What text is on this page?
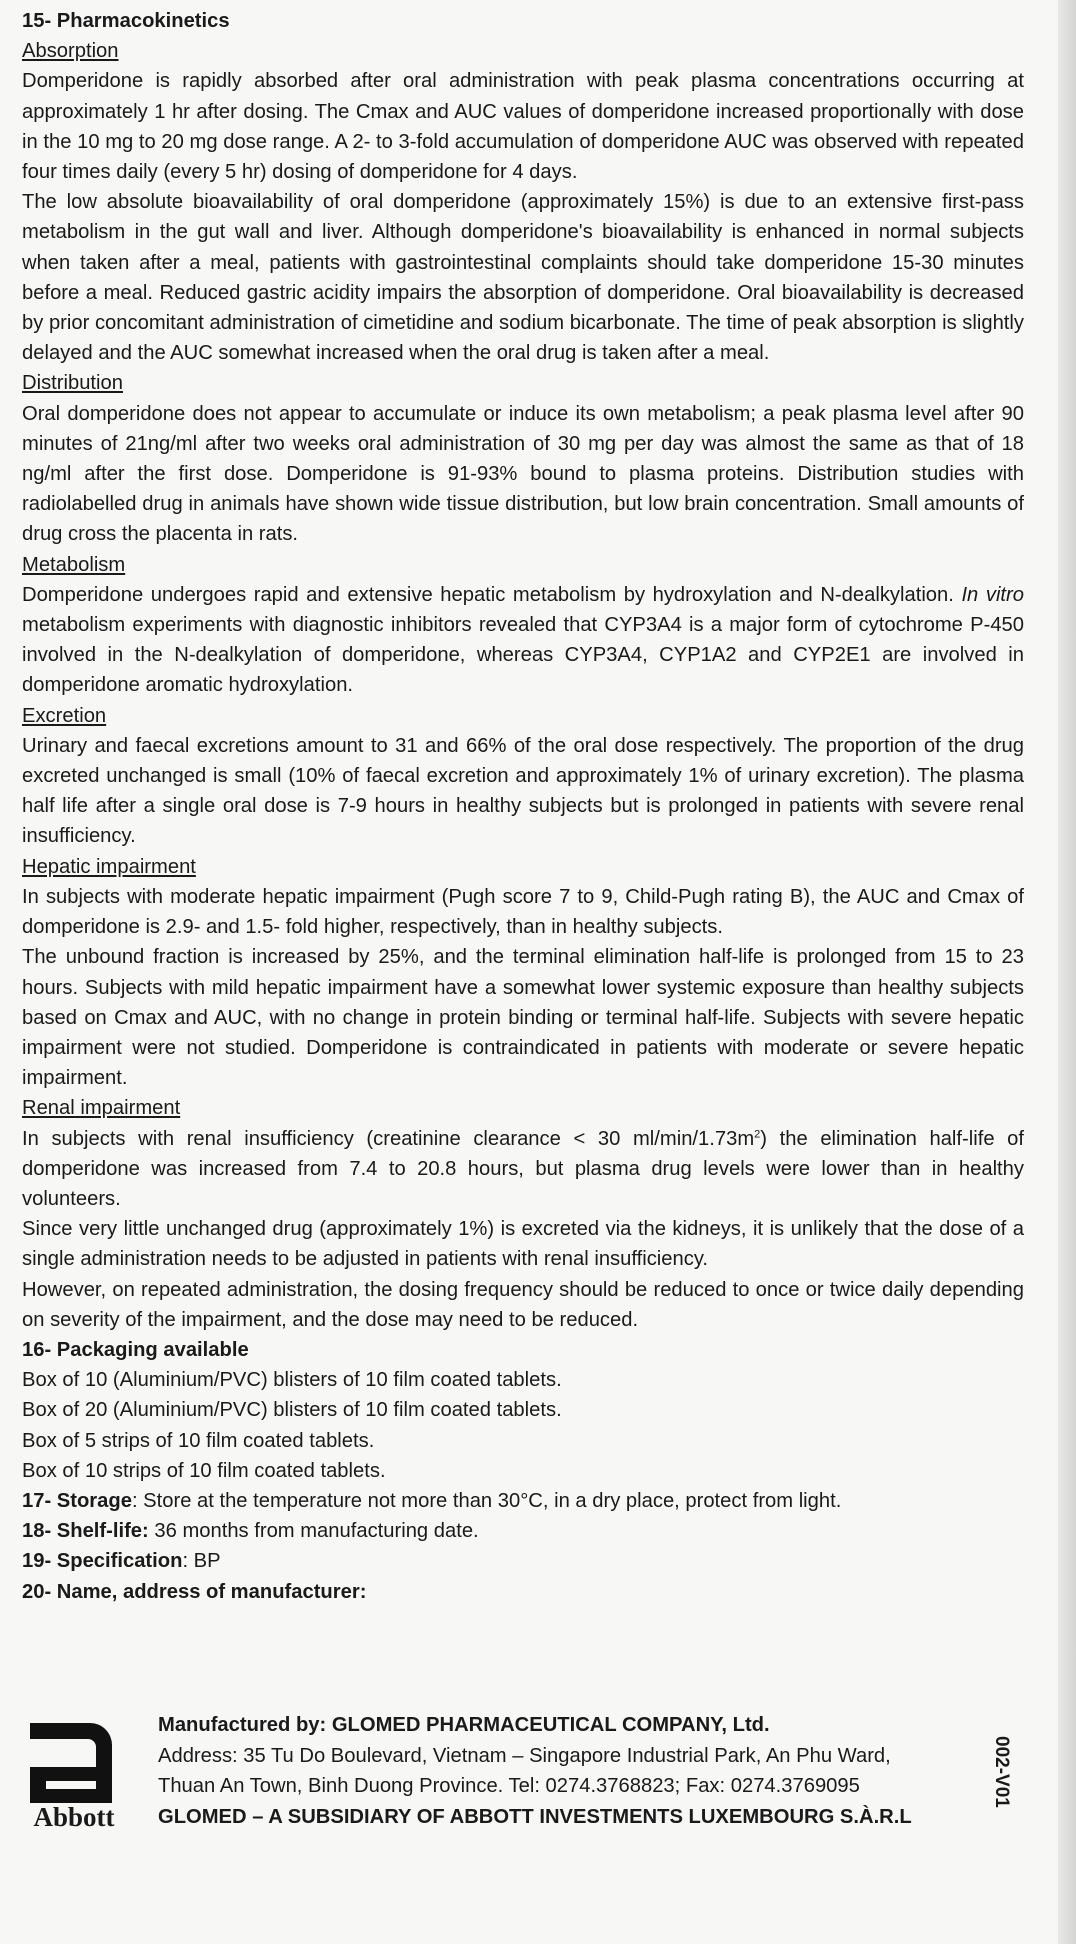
15- Pharmacokinetics

Absorption

Domperidone is rapidly absorbed after oral administration with peak plasma concentrations occurring at approximately 1 hr after dosing. The Cmax and AUC values of domperidone increased proportionally with dose in the 10 mg to 20 mg dose range. A 2- to 3-fold accumulation of domperidone AUC was observed with repeated four times daily (every 5 hr) dosing of domperidone for 4 days.

The low absolute bioavailability of oral domperidone (approximately 15%) is due to an extensive first-pass metabolism in the gut wall and liver. Although domperidone's bioavailability is enhanced in normal subjects when taken after a meal, patients with gastrointestinal complaints should take domperidone 15-30 minutes before a meal. Reduced gastric acidity impairs the absorption of domperidone. Oral bioavailability is decreased by prior concomitant administration of cimetidine and sodium bicarbonate. The time of peak absorption is slightly delayed and the AUC somewhat increased when the oral drug is taken after a meal.

Distribution

Oral domperidone does not appear to accumulate or induce its own metabolism; a peak plasma level after 90 minutes of 21ng/ml after two weeks oral administration of 30 mg per day was almost the same as that of 18 ng/ml after the first dose. Domperidone is 91-93% bound to plasma proteins. Distribution studies with radiolabelled drug in animals have shown wide tissue distribution, but low brain concentration. Small amounts of drug cross the placenta in rats.

Metabolism

Domperidone undergoes rapid and extensive hepatic metabolism by hydroxylation and N-dealkylation. In vitro metabolism experiments with diagnostic inhibitors revealed that CYP3A4 is a major form of cytochrome P-450 involved in the N-dealkylation of domperidone, whereas CYP3A4, CYP1A2 and CYP2E1 are involved in domperidone aromatic hydroxylation.

Excretion

Urinary and faecal excretions amount to 31 and 66% of the oral dose respectively. The proportion of the drug excreted unchanged is small (10% of faecal excretion and approximately 1% of urinary excretion). The plasma half life after a single oral dose is 7-9 hours in healthy subjects but is prolonged in patients with severe renal insufficiency.

Hepatic impairment

In subjects with moderate hepatic impairment (Pugh score 7 to 9, Child-Pugh rating B), the AUC and Cmax of domperidone is 2.9- and 1.5- fold higher, respectively, than in healthy subjects.

The unbound fraction is increased by 25%, and the terminal elimination half-life is prolonged from 15 to 23 hours. Subjects with mild hepatic impairment have a somewhat lower systemic exposure than healthy subjects based on Cmax and AUC, with no change in protein binding or terminal half-life. Subjects with severe hepatic impairment were not studied. Domperidone is contraindicated in patients with moderate or severe hepatic impairment.

Renal impairment

In subjects with renal insufficiency (creatinine clearance < 30 $ml/\min/1.73m^2$) the elimination half-life of domperidone was increased from 7.4 to 20.8 hours, but plasma drug levels were lower than in healthy volunteers.

Since very little unchanged drug (approximately 1%) is excreted via the kidneys, it is unlikely that the dose of a single administration needs to be adjusted in patients with renal insufficiency.

However, on repeated administration, the dosing frequency should be reduced to once or twice daily depending on severity of the impairment, and the dose may need to be reduced.

16- Packaging available

Box of 10 (Aluminium/PVC) blisters of 10 film coated tablets.

Box of 20 (Aluminium/PVC) blisters of 10 film coated tablets.

Box of 5 strips of 10 film coated tablets.

Box of 10 strips of 10 film coated tablets.

17- Storage: Store at the temperature not more than 30°C, in a dry place, protect from light.

18- Shelf-life: 36 months from manufacturing date.

19- Specification: BP

20- Name, address of manufacturer:

Abbott
Manufactured by: GLOMED PHARMACEUTICAL COMPANY, Ltd.
Address: 35 Tu Do Boulevard, Vietnam – Singapore Industrial Park, An Phu Ward,
Thuan An Town, Binh Duong Province. Tel: 0274.3768823; Fax: 0274.3769095
GLOMED – A SUBSIDIARY OF ABBOTT INVESTMENTS LUXEMBOURG S.À.R.L
002-V01
